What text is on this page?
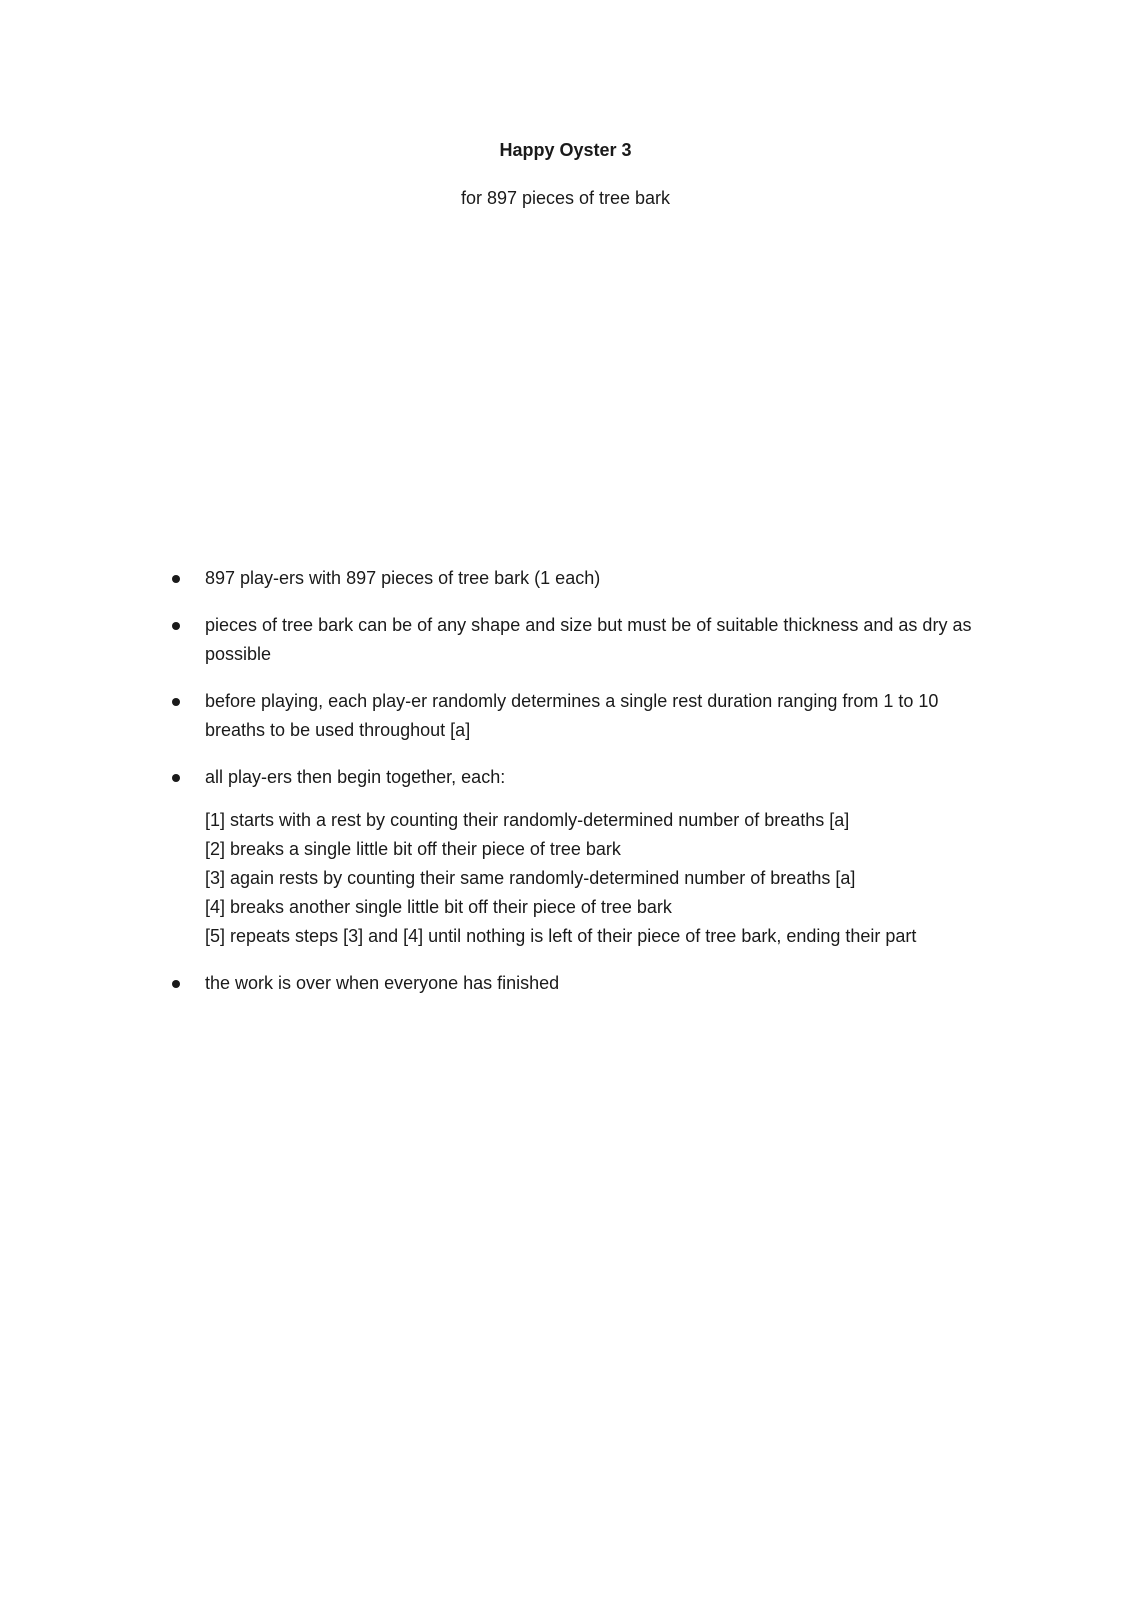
Happy Oyster 3
for 897 pieces of tree bark
897 play-ers with 897 pieces of tree bark (1 each)
pieces of tree bark can be of any shape and size but must be of suitable thickness and as dry as possible
before playing, each play-er randomly determines a single rest duration ranging from 1 to 10 breaths to be used throughout [a]
all play-ers then begin together, each:
[1] starts with a rest by counting their randomly-determined number of breaths [a]
[2] breaks a single little bit off their piece of tree bark
[3] again rests by counting their same randomly-determined number of breaths [a]
[4] breaks another single little bit off their piece of tree bark
[5] repeats steps [3] and [4] until nothing is left of their piece of tree bark, ending their part
the work is over when everyone has finished
